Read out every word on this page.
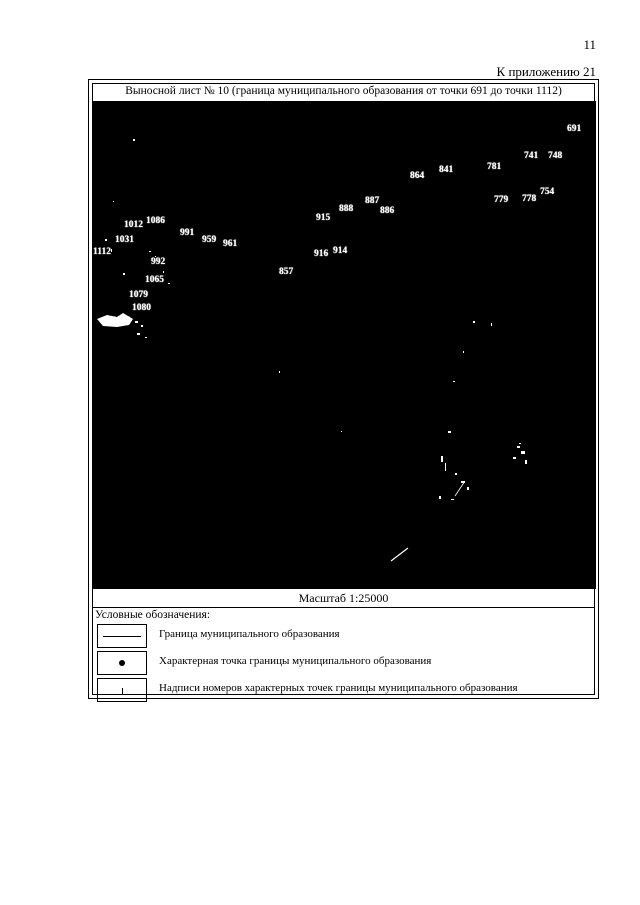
11
К приложению 21
Выносной лист № 10 (граница муниципального образования от точки 691 до точки 1112)
691
741 748
781
841
864
754
779 778
887
888	886
915
916 914
857
1012 1086
991
959 961
1031
1112
992
1065
1079
1080
1091
Масштаб 1:25000
Условные обозначения:
Граница муниципального образования
Характерная точка границы муниципального образования
Надписи номеров характерных точек границы муниципального образования
